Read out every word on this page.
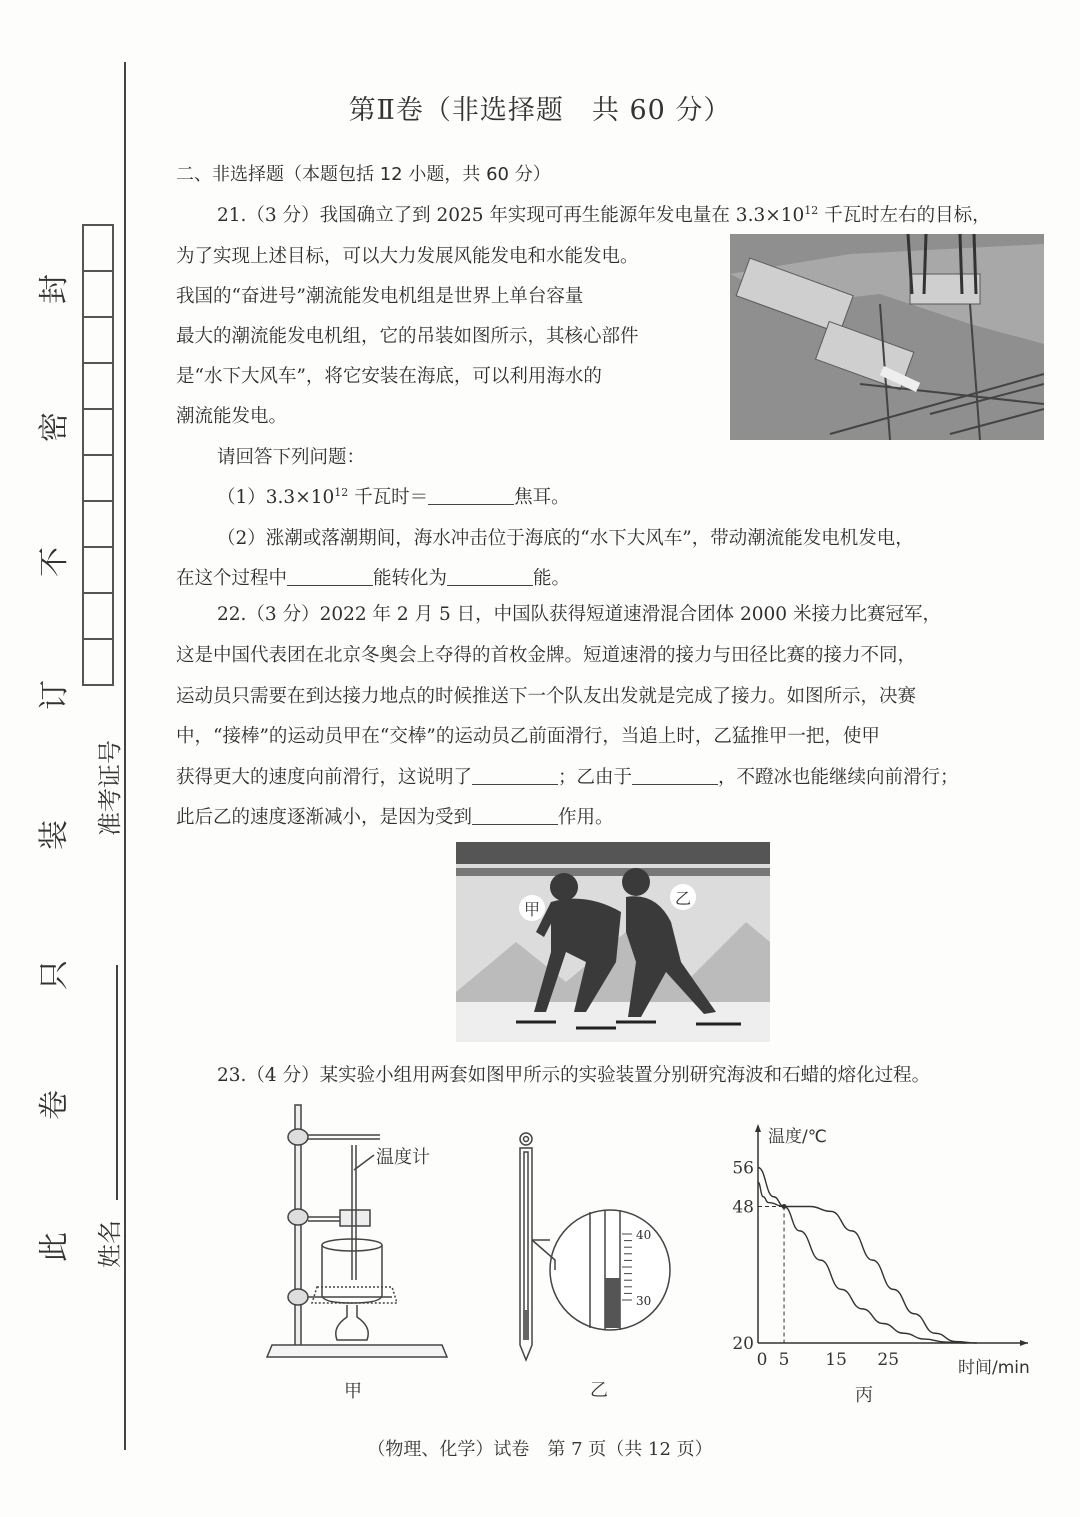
此
卷
只
装
订
不
密
封
准考证号
姓名
第Ⅱ卷（非选择题　共 60 分）
二、非选择题（本题包括 12 小题，共 60 分）
21.（3 分）我国确立了到 2025 年实现可再生能源年发电量在 $3.3\times 10^{12}$ 千瓦时左右的目标，
为了实现上述目标，可以大力发展风能发电和水能发电。
我国的“奋进号”潮流能发电机组是世界上单台容量
最大的潮流能发电机组，它的吊装如图所示，其核心部件
是“水下大风车”，将它安装在海底，可以利用海水的
潮流能发电。
请回答下列问题：
$(1)3.3\times 10^{12}$ 千瓦时＝	焦耳。
（2）涨潮或落潮期间，海水冲击位于海底的“水下大风车”，带动潮流能发电机发电，
在这个过程中	能转化为	能。
22.（3 分）2022 年 2 月 5 日，中国队获得短道速滑混合团体 2000 米接力比赛冠军，
这是中国代表团在北京冬奥会上夺得的首枚金牌。短道速滑的接力与田径比赛的接力不同，
运动员只需要在到达接力地点的时候推送下一个队友出发就是完成了接力。如图所示，决赛
中，“接棒”的运动员甲在“交棒”的运动员乙前面滑行，当追上时，乙猛推甲一把，使甲
获得更大的速度向前滑行，这说明了	；乙由于	，不蹬冰也能继续向前滑行；
此后乙的速度逐渐减小，是因为受到	作用。
甲
乙
23.（4 分）某实验小组用两套如图甲所示的实验装置分别研究海波和石蜡的熔化过程。
温度计
甲
40
30
乙
20
48
56
0 5 15 25
温度/℃
时间/min
丙
（物理、化学）试卷　第 7 页（共 12 页）
